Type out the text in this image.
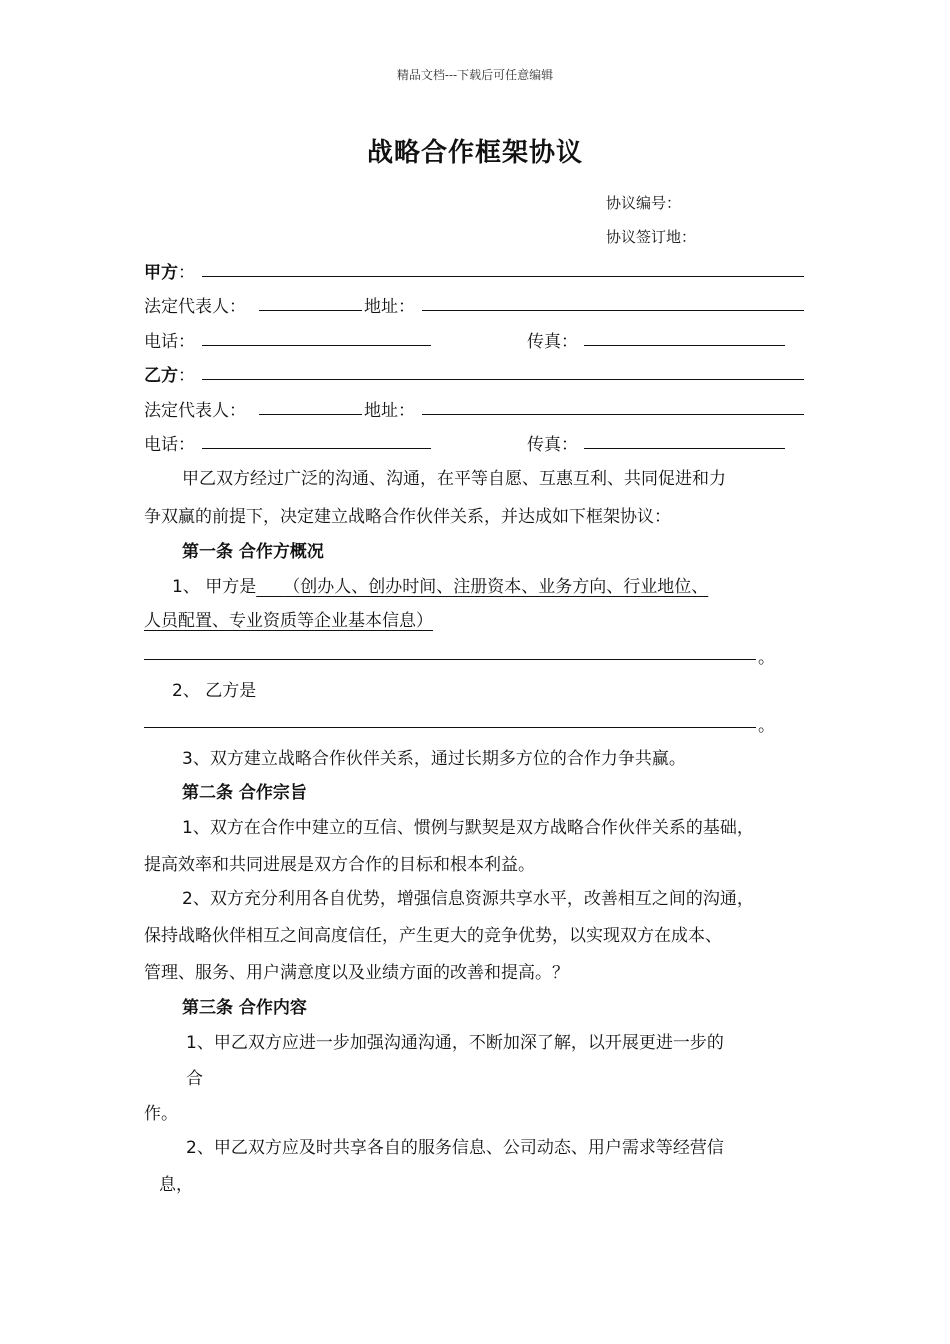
精品文档---下载后可任意编辑
战略合作框架协议
协议编号：
协议签订地：
甲方：
法定代表人：	地址：
电话：	传真：
乙方：
法定代表人：	地址：
电话：	传真：
甲乙双方经过广泛的沟通、沟通，在平等自愿、互惠互利、共同促进和力
争双赢的前提下，决定建立战略合作伙伴关系，并达成如下框架协议：
第一条 合作方概况
1、 甲方是 （创办人、创办时间、注册资本、业务方向、行业地位、
人员配置、专业资质等企业基本信息）
。
2、 乙方是
。
3、双方建立战略合作伙伴关系，通过长期多方位的合作力争共赢。
第二条 合作宗旨
1、双方在合作中建立的互信、惯例与默契是双方战略合作伙伴关系的基础，
提高效率和共同进展是双方合作的目标和根本利益。
2、双方充分利用各自优势，增强信息资源共享水平，改善相互之间的沟通，
保持战略伙伴相互之间高度信任，产生更大的竞争优势，以实现双方在成本、
管理、服务、用户满意度以及业绩方面的改善和提高。？
第三条 合作内容
1、甲乙双方应进一步加强沟通沟通，不断加深了解，以开展更进一步的
合
作。
2、甲乙双方应及时共享各自的服务信息、公司动态、用户需求等经营信
息，
